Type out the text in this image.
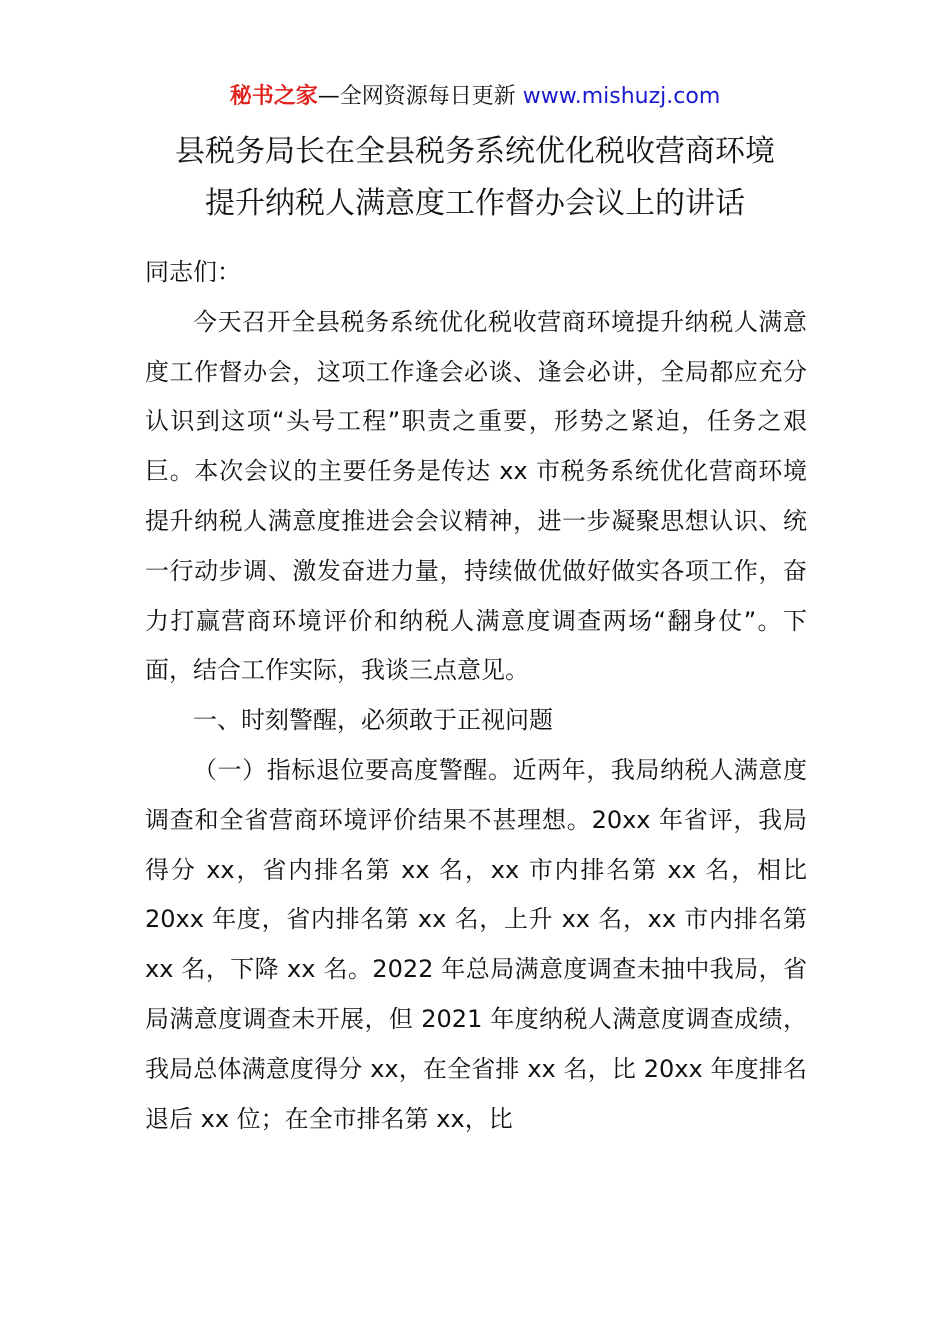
秘书之家—全网资源每日更新 www.mishuzj.com
县税务局长在全县税务系统优化税收营商环境
提升纳税人满意度工作督办会议上的讲话

同志们：

今天召开全县税务系统优化税收营商环境提升纳税人满意度工作督办会，这项工作逢会必谈、逢会必讲，全局都应充分认识到这项“头号工程”职责之重要，形势之紧迫，任务之艰巨。本次会议的主要任务是传达 xx 市税务系统优化营商环境提升纳税人满意度推进会会议精神，进一步凝聚思想认识、统一行动步调、激发奋进力量，持续做优做好做实各项工作，奋力打赢营商环境评价和纳税人满意度调查两场“翻身仗”。下面，结合工作实际，我谈三点意见。

一、时刻警醒，必须敢于正视问题

（一）指标退位要高度警醒。近两年，我局纳税人满意度调查和全省营商环境评价结果不甚理想。20xx 年省评，我局得分 xx，省内排名第 xx 名，xx 市内排名第 xx 名，相比 20xx 年度，省内排名第 xx 名，上升 xx 名，xx 市内排名第 xx 名，下降 xx 名。2022 年总局满意度调查未抽中我局，省局满意度调查未开展，但 2021 年度纳税人满意度调查成绩，我局总体满意度得分 xx，在全省排 xx 名，比 20xx 年度排名退后 xx 位；在全市排名第 xx，比
